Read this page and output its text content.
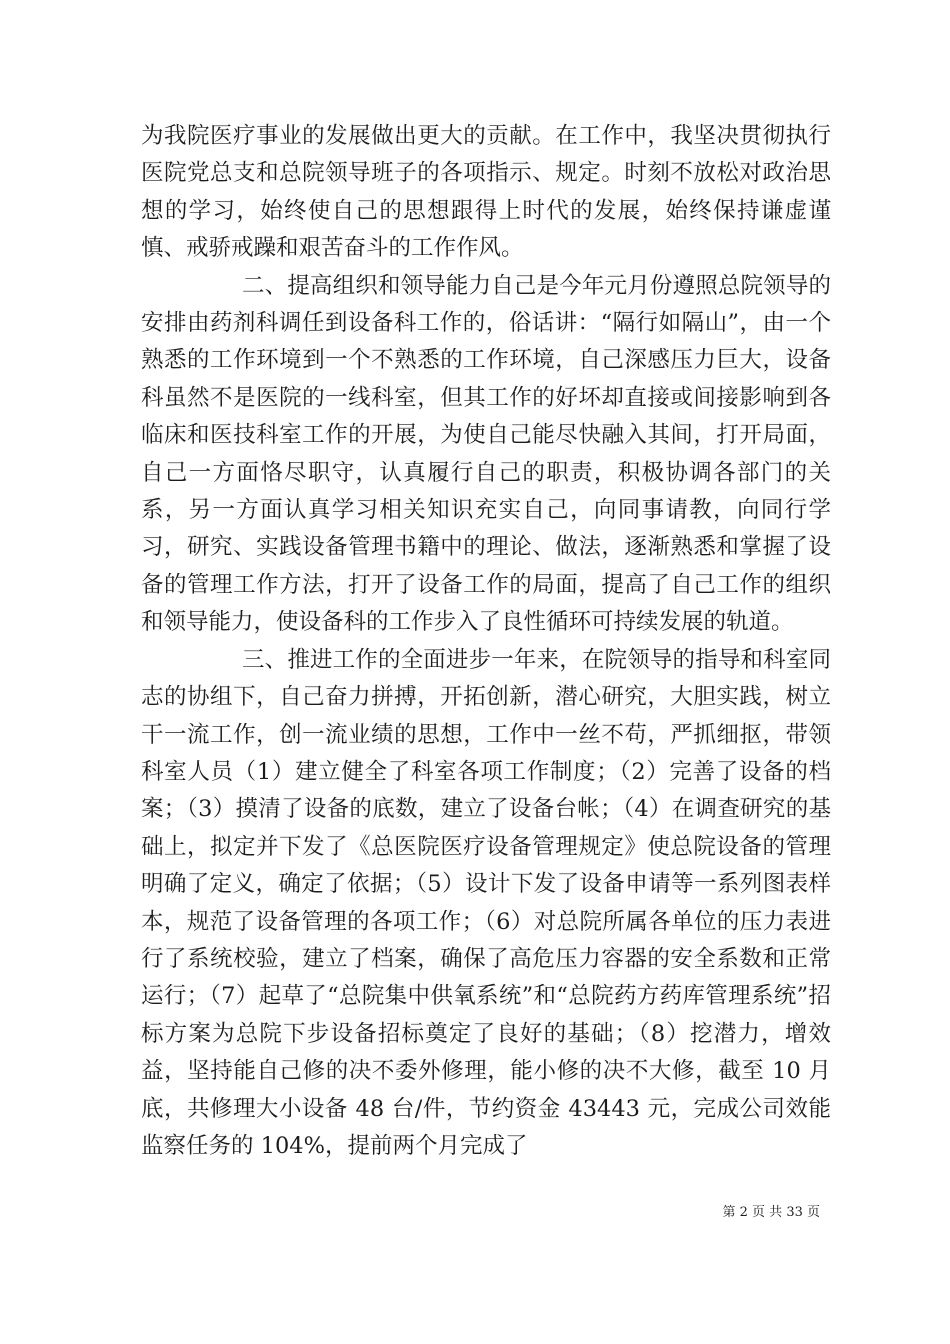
为我院医疗事业的发展做出更大的贡献。在工作中，我坚决贯彻执行医院党总支和总院领导班子的各项指示、规定。时刻不放松对政治思想的学习，始终使自己的思想跟得上时代的发展，始终保持谦虚谨慎、戒骄戒躁和艰苦奋斗的工作作风。

二、提高组织和领导能力自己是今年元月份遵照总院领导的安排由药剂科调任到设备科工作的，俗话讲：“隔行如隔山”，由一个熟悉的工作环境到一个不熟悉的工作环境，自己深感压力巨大，设备科虽然不是医院的一线科室，但其工作的好坏却直接或间接影响到各临床和医技科室工作的开展，为使自己能尽快融入其间，打开局面，自己一方面恪尽职守，认真履行自己的职责，积极协调各部门的关系，另一方面认真学习相关知识充实自己，向同事请教，向同行学习，研究、实践设备管理书籍中的理论、做法，逐渐熟悉和掌握了设备的管理工作方法，打开了设备工作的局面，提高了自己工作的组织和领导能力，使设备科的工作步入了良性循环可持续发展的轨道。

三、推进工作的全面进步一年来，在院领导的指导和科室同志的协组下，自己奋力拼搏，开拓创新，潜心研究，大胆实践，树立干一流工作，创一流业绩的思想，工作中一丝不苟，严抓细抠，带领科室人员（1）建立健全了科室各项工作制度；（2）完善了设备的档案；（3）摸清了设备的底数，建立了设备台帐；（4）在调查研究的基础上，拟定并下发了《总医院医疗设备管理规定》使总院设备的管理明确了定义，确定了依据；（5）设计下发了设备申请等一系列图表样本，规范了设备管理的各项工作；（6）对总院所属各单位的压力表进行了系统校验，建立了档案，确保了高危压力容器的安全系数和正常运行；（7）起草了“总院集中供氧系统”和“总院药方药库管理系统”招标方案为总院下步设备招标奠定了良好的基础；（8）挖潜力，增效益，坚持能自己修的决不委外修理，能小修的决不大修，截至 10 月底，共修理大小设备 48 台/件，节约资金 43443 元，完成公司效能监察任务的 104%，提前两个月完成了

第 2 页 共 33 页
